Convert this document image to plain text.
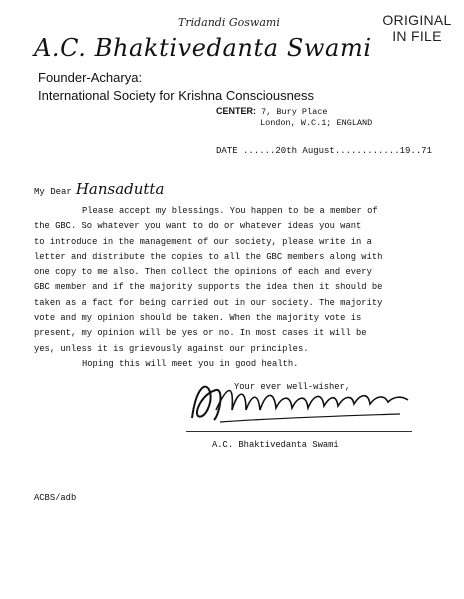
ORIGINAL
IN FILE
Tridandi Goswami
A.C. Bhaktivedanta Swami
Founder-Acharya:
International Society for Krishna Consciousness
CENTER: 7, Bury Place
London, W.C.1; ENGLAND
DATE ......20th August............19..71
My Dear Hansadutta
Please accept my blessings. You happen to be a member of
the GBC. So whatever you want to do or whatever ideas you want
to introduce in the management of our society, please write in a
letter and distribute the copies to all the GBC members along with
one copy to me also. Then collect the opinions of each and every
GBC member and if the majority supports the idea then it should be
taken as a fact for being carried out in our society. The majority
vote and my opinion should be taken. When the majority vote is
present, my opinion will be yes or no. In most cases it will be
yes, unless it is grievously against our principles.
Hoping this will meet you in good health.
Your ever well-wisher,
A.C. Bhaktivedanta Swami
ACBS/adb
